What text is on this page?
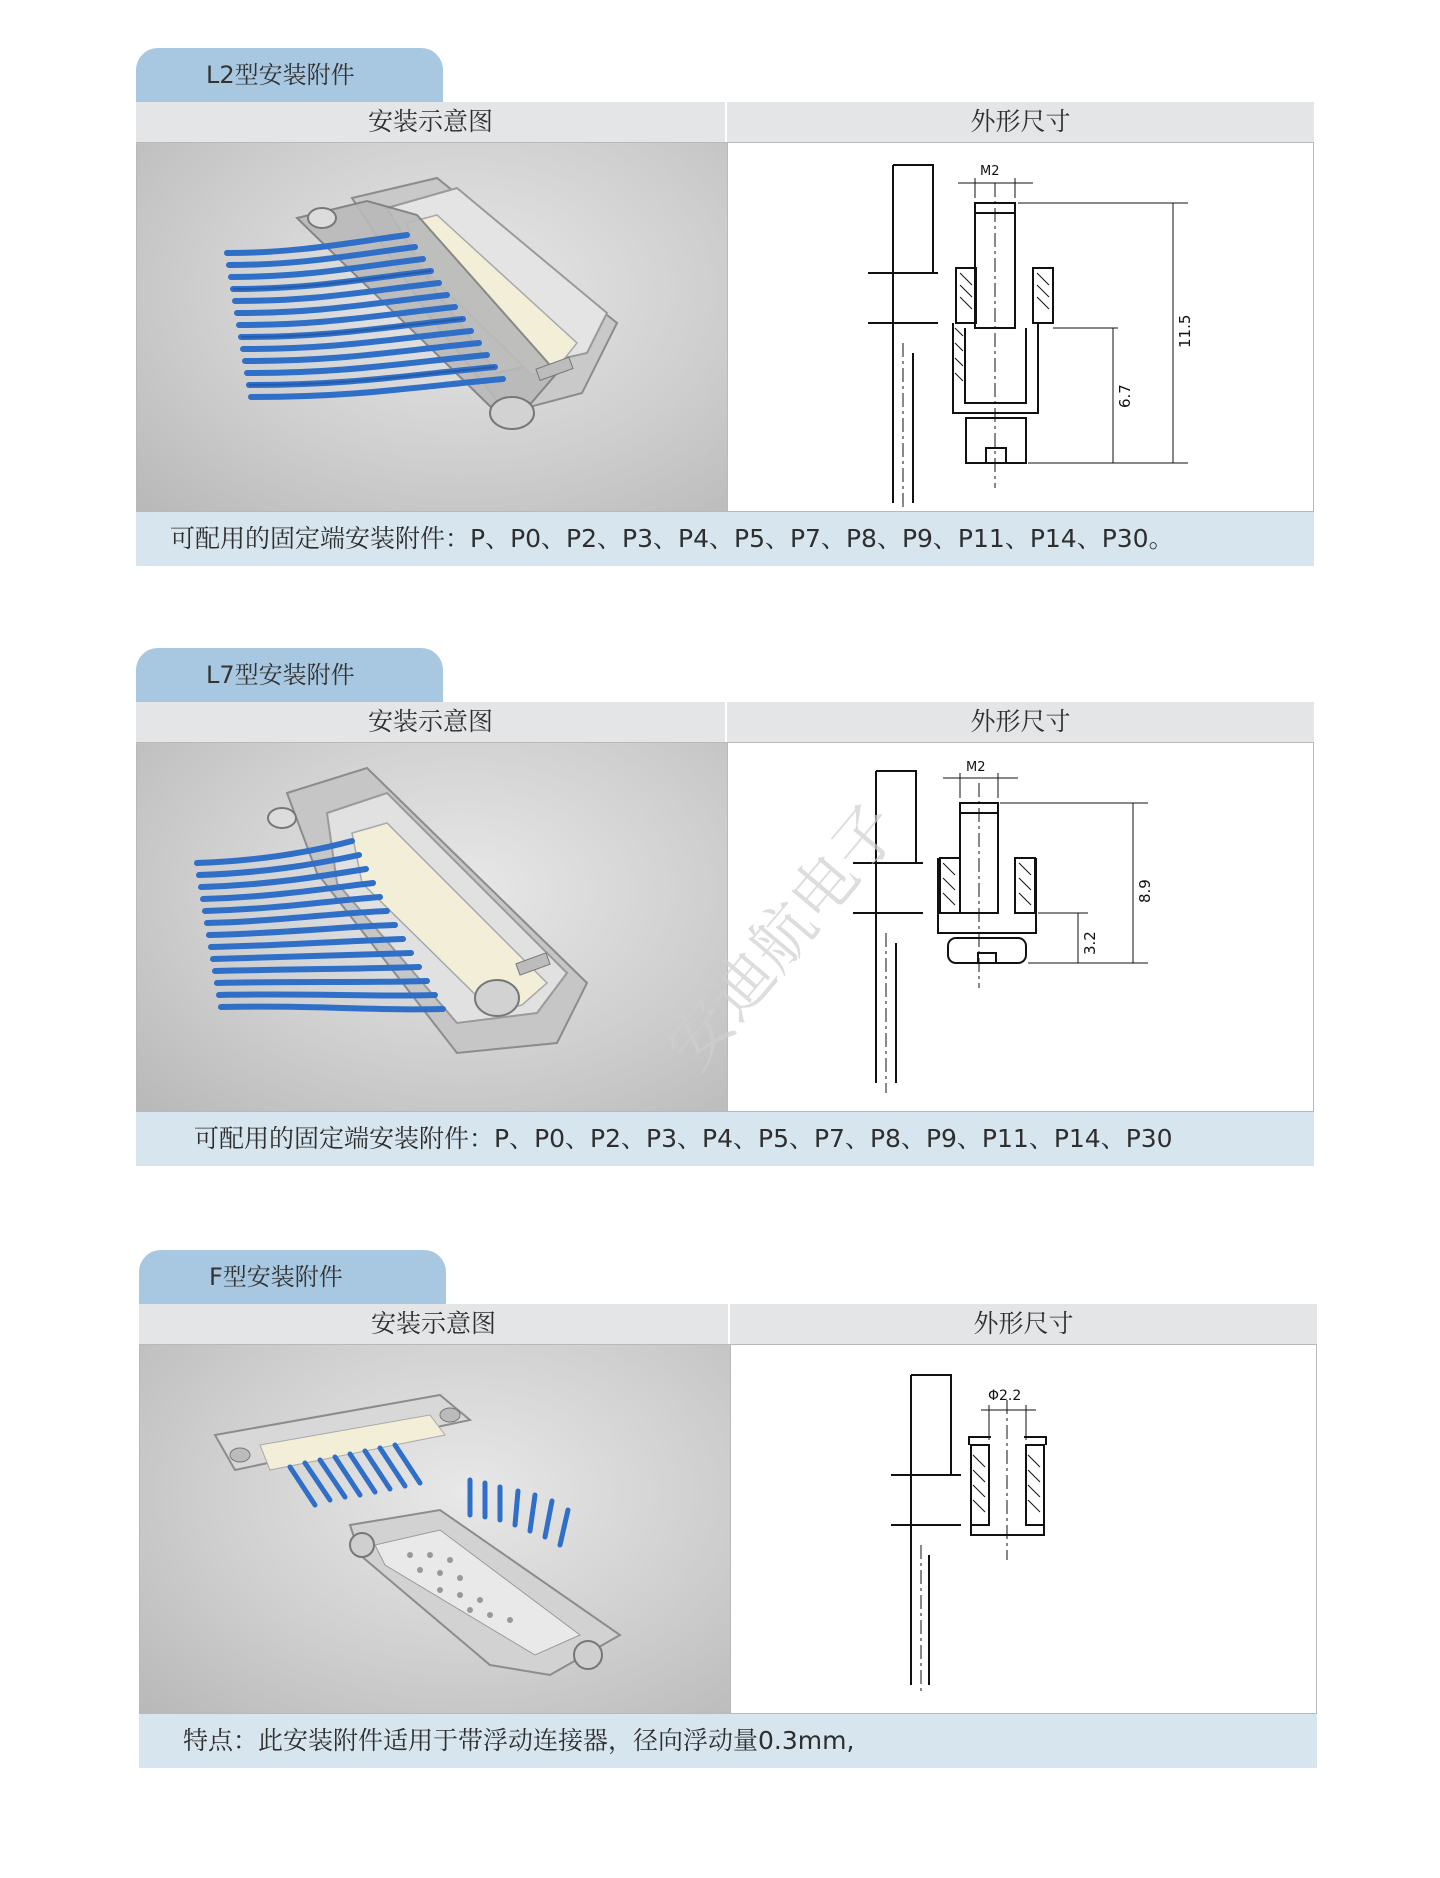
L2型安装附件
安装示意图	外形尺寸
M2
11.5
6.7
可配用的固定端安装附件：P、P0、P2、P3、P4、P5、P7、P8、P9、P11、P14、P30。
L7型安装附件
安装示意图	外形尺寸
M2
8.9
3.2
安迪航电子
可配用的固定端安装附件：P、P0、P2、P3、P4、P5、P7、P8、P9、P11、P14、P30
F型安装附件
安装示意图	外形尺寸
Φ2.2
特点：此安装附件适用于带浮动连接器，径向浮动量0.3mm,
